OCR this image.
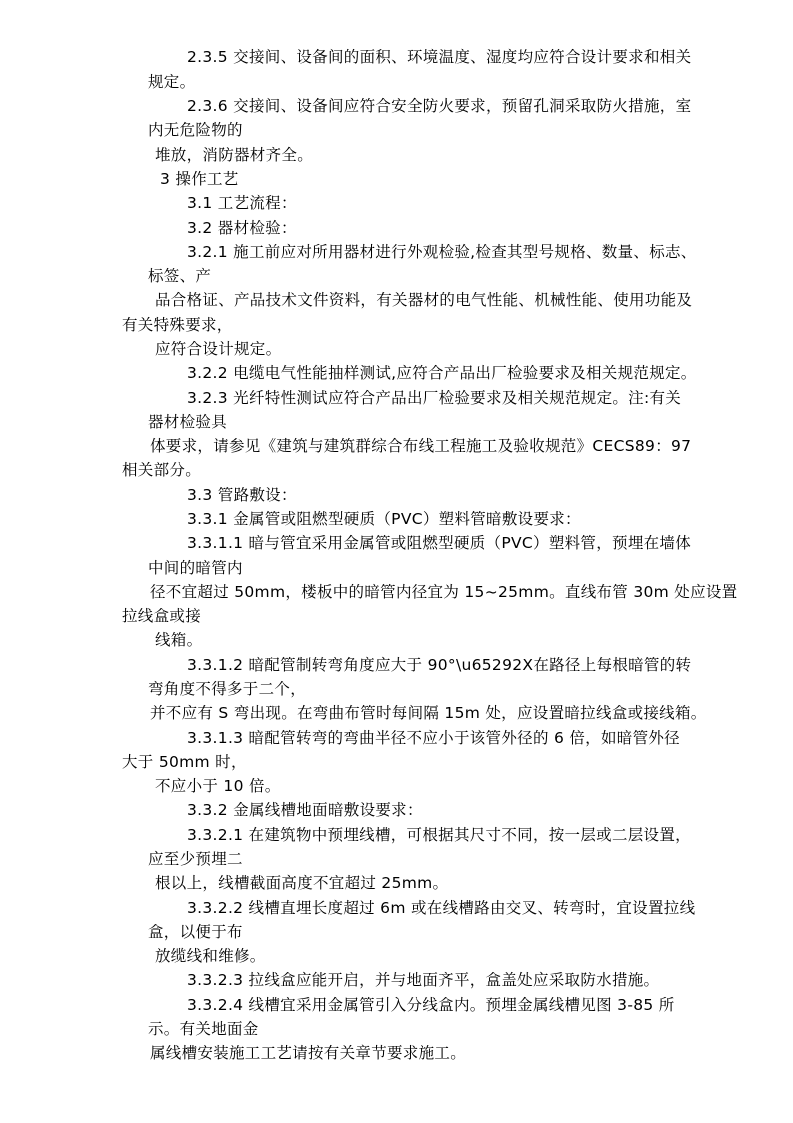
2.3.5 交接间、设备间的面积、环境温度、湿度均应符合设计要求和相关
规定。
2.3.6 交接间、设备间应符合安全防火要求，预留孔洞采取防火措施，室
内无危险物的
堆放，消防器材齐全。
3 操作工艺
3.1 工艺流程：
3.2 器材检验：
3.2.1 施工前应对所用器材进行外观检验,检查其型号规格、数量、标志、
标签、产
品合格证、产品技术文件资料，有关器材的电气性能、机械性能、使用功能及
有关特殊要求，
应符合设计规定。
3.2.2 电缆电气性能抽样测试,应符合产品出厂检验要求及相关规范规定。
3.2.3 光纤特性测试应符合产品出厂检验要求及相关规范规定。注:有关
器材检验具
体要求，请参见《建筑与建筑群综合布线工程施工及验收规范》CECS89：97
相关部分。
3.3 管路敷设：
3.3.1 金属管或阻燃型硬质（PVC）塑料管暗敷设要求：
3.3.1.1 暗与管宜采用金属管或阻燃型硬质（PVC）塑料管，预埋在墙体
中间的暗管内
径不宜超过 50mm，楼板中的暗管内径宜为 15~25mm。直线布管 30m 处应设置
拉线盒或接
线箱。
3.3.1.2 暗配管制转弯角度应大于 90°\u65292X在路径上每根暗管的转
弯角度不得多于二个，
并不应有 S 弯出现。在弯曲布管时每间隔 15m 处，应设置暗拉线盒或接线箱。
3.3.1.3 暗配管转弯的弯曲半径不应小于该管外径的 6 倍，如暗管外径
大于 50mm 时，
不应小于 10 倍。
3.3.2 金属线槽地面暗敷设要求：
3.3.2.1 在建筑物中预埋线槽，可根据其尺寸不同，按一层或二层设置，
应至少预埋二
根以上，线槽截面高度不宜超过 25mm。
3.3.2.2 线槽直埋长度超过 6m 或在线槽路由交叉、转弯时，宜设置拉线
盒，以便于布
放缆线和维修。
3.3.2.3 拉线盒应能开启，并与地面齐平，盒盖处应采取防水措施。
3.3.2.4 线槽宜采用金属管引入分线盒内。预埋金属线槽见图 3-85 所
示。有关地面金
属线槽安装施工工艺请按有关章节要求施工。
